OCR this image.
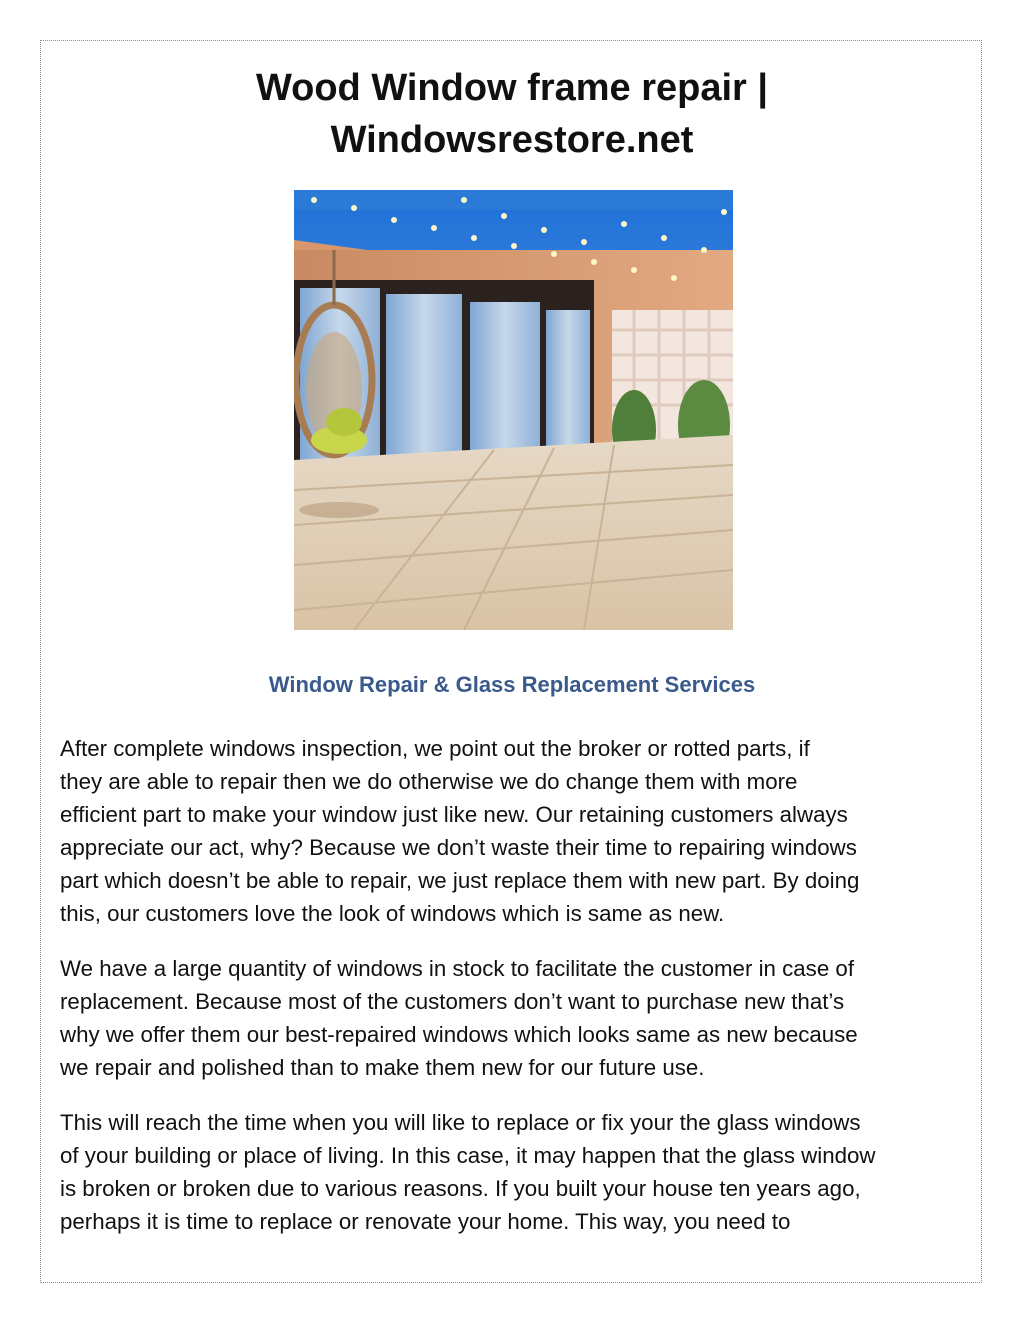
Wood Window frame repair |
Windowsrestore.net
Window Repair & Glass Replacement Services

After complete windows inspection, we point out the broker or rotted parts, if
they are able to repair then we do otherwise we do change them with more
efficient part to make your window just like new. Our retaining customers always
appreciate our act, why? Because we don’t waste their time to repairing windows
part which doesn’t be able to repair, we just replace them with new part. By doing
this, our customers love the look of windows which is same as new.

We have a large quantity of windows in stock to facilitate the customer in case of
replacement. Because most of the customers don’t want to purchase new that’s
why we offer them our best-repaired windows which looks same as new because
we repair and polished than to make them new for our future use.

This will reach the time when you will like to replace or fix your the glass windows
of your building or place of living. In this case, it may happen that the glass window
is broken or broken due to various reasons. If you built your house ten years ago,
perhaps it is time to replace or renovate your home. This way, you need to
